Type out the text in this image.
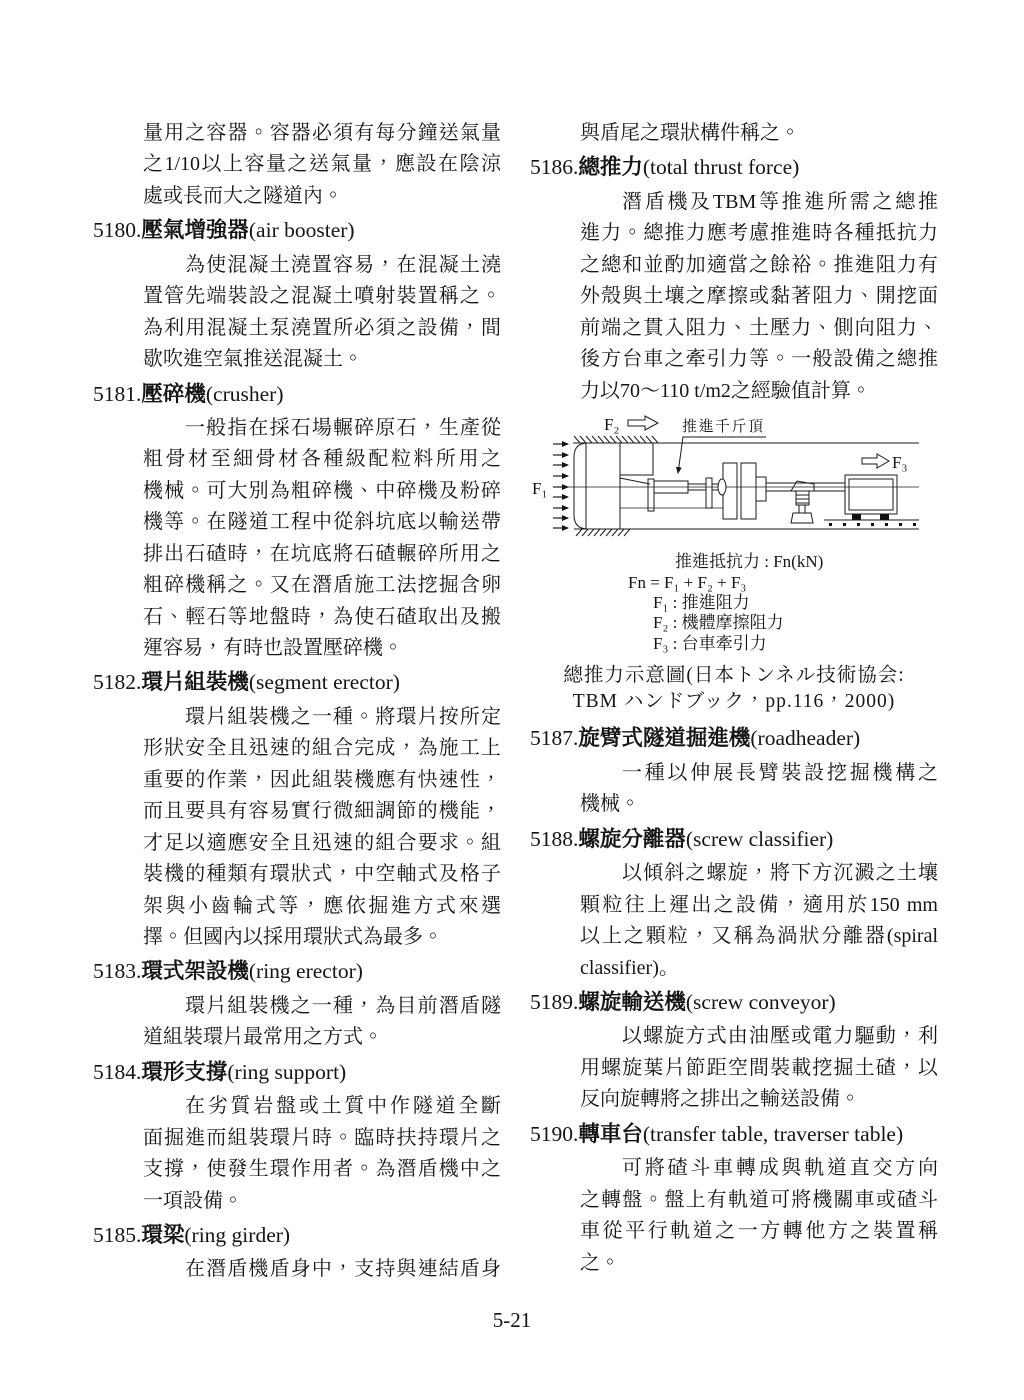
量用之容器。容器必須有每分鐘送氣量
之1/10以上容量之送氣量，應設在陰涼
處或長而大之隧道內。
5180.壓氣增強器(air booster)
為使混凝土澆置容易，在混凝土澆
置管先端裝設之混凝土噴射裝置稱之。
為利用混凝土泵澆置所必須之設備，間
歇吹進空氣推送混凝土。
5181.壓碎機(crusher)
一般指在採石場輾碎原石，生產從
粗骨材至細骨材各種級配粒料所用之
機械。可大別為粗碎機、中碎機及粉碎
機等。在隧道工程中從斜坑底以輸送帶
排出石碴時，在坑底將石碴輾碎所用之
粗碎機稱之。又在潛盾施工法挖掘含卵
石、輕石等地盤時，為使石碴取出及搬
運容易，有時也設置壓碎機。
5182.環片組裝機(segment erector)
環片組裝機之一種。將環片按所定
形狀安全且迅速的組合完成，為施工上
重要的作業，因此組裝機應有快速性，
而且要具有容易實行微細調節的機能，
才足以適應安全且迅速的組合要求。組
裝機的種類有環狀式，中空軸式及格子
架與小齒輪式等，應依掘進方式來選
擇。但國內以採用環狀式為最多。
5183.環式架設機(ring erector)
環片組裝機之一種，為目前潛盾隧
道組裝環片最常用之方式。
5184.環形支撐(ring support)
在劣質岩盤或土質中作隧道全斷
面掘進而組裝環片時。臨時扶持環片之
支撐，使發生環作用者。為潛盾機中之
一項設備。
5185.環梁(ring girder)
在潛盾機盾身中，支持與連結盾身
與盾尾之環狀構件稱之。
5186.總推力(total thrust force)
潛盾機及TBM等推進所需之總推
進力。總推力應考慮推進時各種抵抗力
之總和並酌加適當之餘裕。推進阻力有
外殼與土壤之摩擦或黏著阻力、開挖面
前端之貫入阻力、土壓力、側向阻力、
後方台車之牽引力等。一般設備之總推
力以70～110 t/m2之經驗值計算。
F₁
F₂
F₃
推進千斤頂
推進抵抗力 : Fn(kN)
Fn = F₁ + F₂ + F₃
F₁ : 推進阻力
F₂ : 機體摩擦阻力
F₃ : 台車牽引力
總推力示意圖(日本トンネル技術協会:
TBM ハンドブック，pp.116，2000)
5187.旋臂式隧道掘進機(roadheader)
一種以伸展長臂裝設挖掘機構之
機械。
5188.螺旋分離器(screw classifier)
以傾斜之螺旋，將下方沉澱之土壤
顆粒往上運出之設備，適用於150 mm
以上之顆粒，又稱為渦狀分離器(spiral
classifier)。
5189.螺旋輸送機(screw conveyor)
以螺旋方式由油壓或電力驅動，利
用螺旋葉片節距空間裝載挖掘土碴，以
反向旋轉將之排出之輸送設備。
5190.轉車台(transfer table, traverser table)
可將碴斗車轉成與軌道直交方向
之轉盤。盤上有軌道可將機關車或碴斗
車從平行軌道之一方轉他方之裝置稱
之。
5-21
